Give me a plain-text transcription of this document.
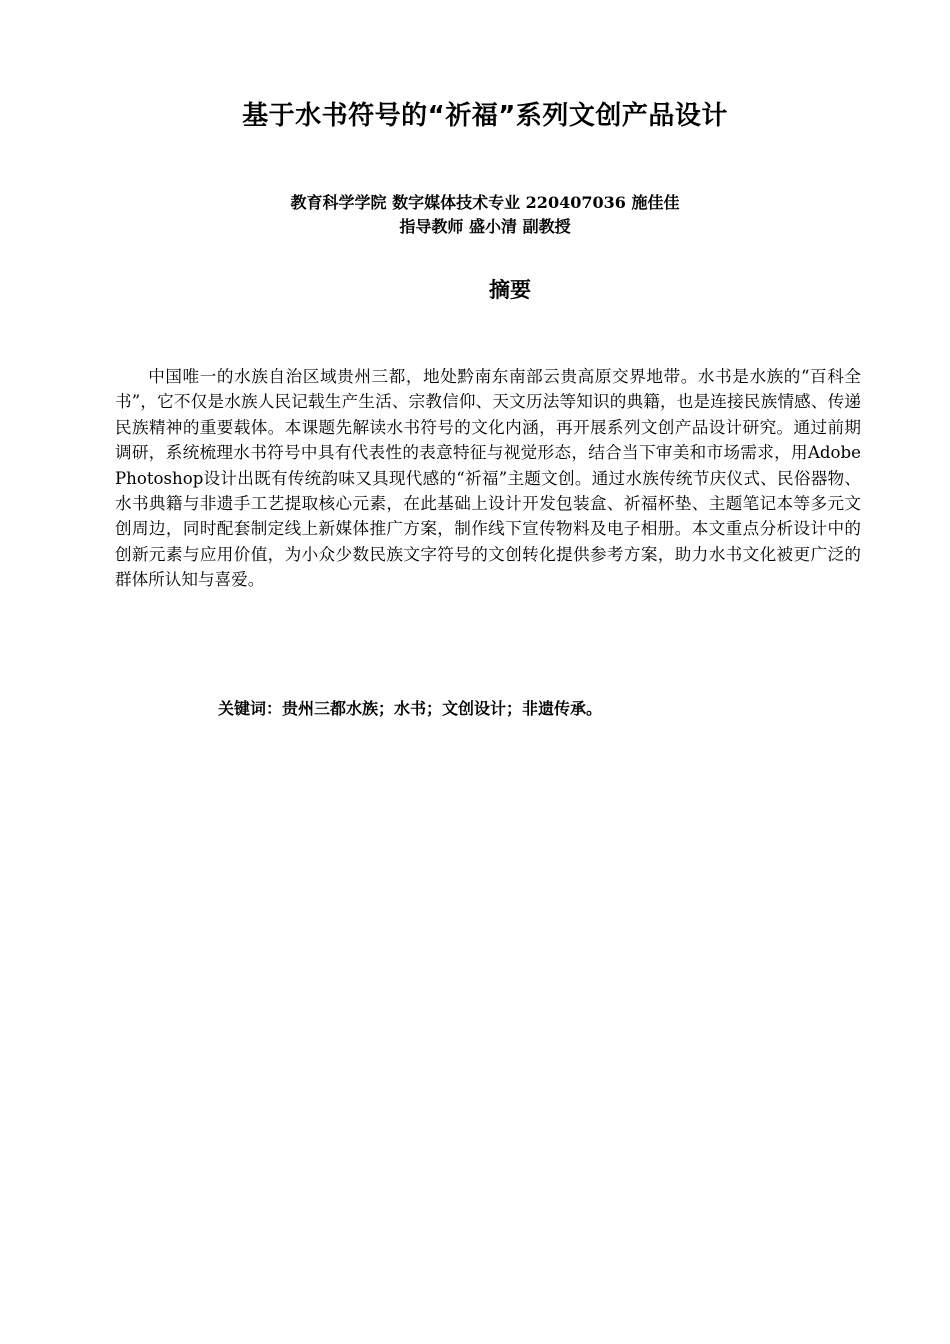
基于水书符号的“祈福”系列文创产品设计
教育科学学院 数字媒体技术专业 220407036 施佳佳
指导教师 盛小清 副教授
摘要

中国唯一的水族自治区域贵州三都，地处黔南东南部云贵高原交界地带。水书是水族的“百科全书”，它不仅是水族人民记载生产生活、宗教信仰、天文历法等知识的典籍，也是连接民族情感、传递民族精神的重要载体。本课题先解读水书符号的文化内涵，再开展系列文创产品设计研究。通过前期调研，系统梳理水书符号中具有代表性的表意特征与视觉形态，结合当下审美和市场需求，用Adobe Photoshop设计出既有传统韵味又具现代感的“祈福”主题文创。通过水族传统节庆仪式、民俗器物、水书典籍与非遗手工艺提取核心元素，在此基础上设计开发包装盒、祈福杯垫、主题笔记本等多元文创周边，同时配套制定线上新媒体推广方案，制作线下宣传物料及电子相册。本文重点分析设计中的创新元素与应用价值，为小众少数民族文字符号的文创转化提供参考方案，助力水书文化被更广泛的群体所认知与喜爱。

关键词：贵州三都水族；水书；文创设计；非遗传承。
